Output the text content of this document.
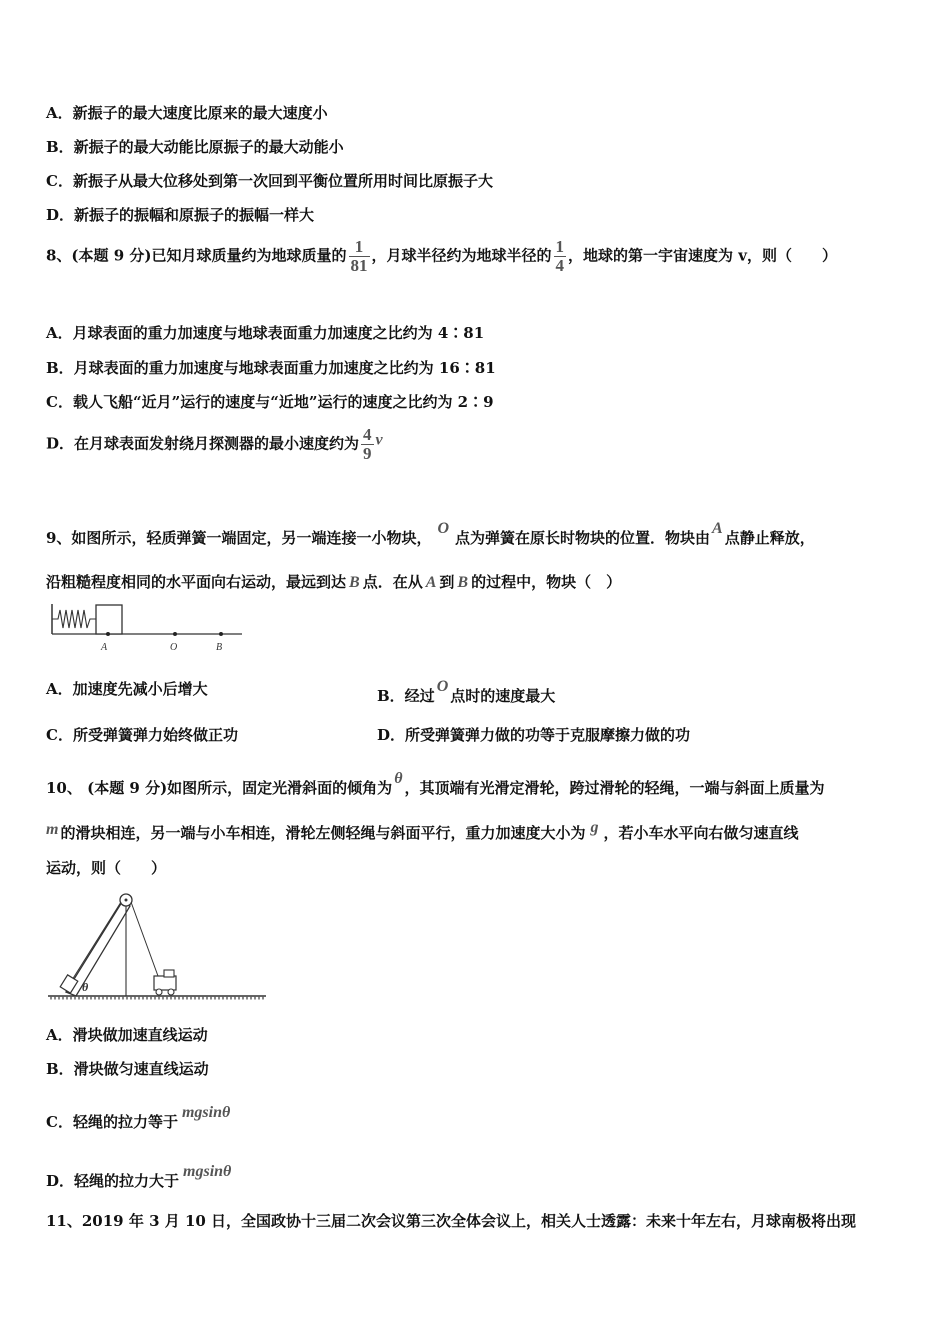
A．新振子的最大速度比原来的最大速度小
B．新振子的最大动能比原振子的最大动能小
C．新振子从最大位移处到第一次回到平衡位置所用时间比原振子大
D．新振子的振幅和原振子的振幅一样大
8、(本题 9 分)已知月球质量约为地球质量的 $\frac{1}{81}$ ，月球半径约为地球半径的 $\frac{1}{4}$ ，地球的第一宇宙速度为 v，则（　　）
A．月球表面的重力加速度与地球表面重力加速度之比约为 4∶81
B．月球表面的重力加速度与地球表面重力加速度之比约为 16∶81
C．载人飞船“近月”运行的速度与“近地”运行的速度之比约为 2∶9
D．在月球表面发射绕月探测器的最小速度约为 $\frac{4}{9}$ v
9、如图所示，轻质弹簧一端固定，另一端连接一小物块，O点为弹簧在原长时物块的位置．物块由A点静止释放，
沿粗糙程度相同的水平面向右运动，最远到达 B 点．在从 A 到 B 的过程中，物块（　）
A	O	B
A．加速度先减小后增大	B．经过O点时的速度最大
C．所受弹簧弹力始终做正功	D．所受弹簧弹力做的功等于克服摩擦力做的功
10、 (本题 9 分)如图所示，固定光滑斜面的倾角为θ，其顶端有光滑定滑轮，跨过滑轮的轻绳，一端与斜面上质量为
m 的滑块相连，另一端与小车相连，滑轮左侧轻绳与斜面平行，重力加速度大小为 g ，若小车水平向右做匀速直线
运动，则（　　）
θ
A．滑块做加速直线运动
B．滑块做匀速直线运动
C．轻绳的拉力等于mgsinθ
D．轻绳的拉力大于mgsinθ
11、2019 年 3 月 10 日，全国政协十三届二次会议第三次全体会议上，相关人士透露：未来十年左右，月球南极将出现
